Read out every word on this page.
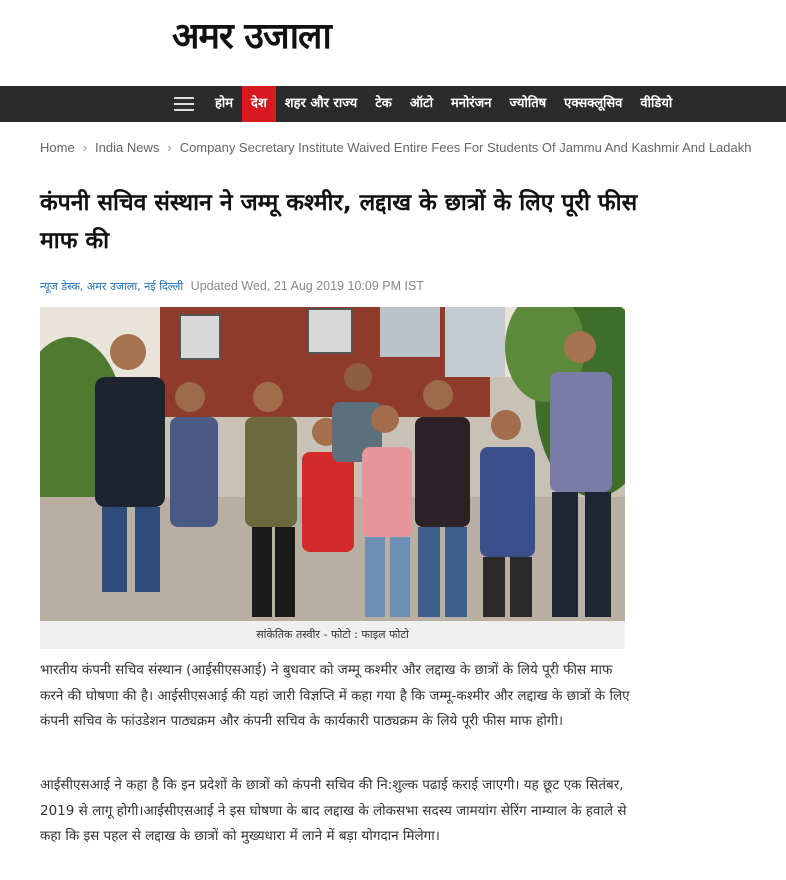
अमर उजाला
होम	देश	शहर और राज्य	टेक	ऑटो	मनोरंजन	ज्योतिष	एक्सक्लूसिव	वीडियो
Home › India News › Company Secretary Institute Waived Entire Fees For Students Of Jammu And Kashmir And Ladakh
कंपनी सचिव संस्थान ने जम्मू कश्मीर, लद्दाख के छात्रों के लिए पूरी फीस माफ की
न्यूज डेस्क, अमर उजाला, नई दिल्ली Updated Wed, 21 Aug 2019 10:09 PM IST
सांकेतिक तस्वीर - फोटो : फाइल फोटो

भारतीय कंपनी सचिव संस्थान (आईसीएसआई) ने बुधवार को जम्मू कश्मीर और लद्दाख के छात्रों के लिये पूरी फीस माफ करने की घोषणा की है। आईसीएसआई की यहां जारी विज्ञप्ति में कहा गया है कि जम्मू-कश्मीर और लद्दाख के छात्रों के लिए कंपनी सचिव के फांउडेशन पाठ्यक्रम और कंपनी सचिव के कार्यकारी पाठ्यक्रम के लिये पूरी फीस माफ होगी।

आईसीएसआई ने कहा है कि इन प्रदेशों के छात्रों को कंपनी सचिव की नि:शुल्क पढाई कराई जाएगी। यह छूट एक सितंबर, 2019 से लागू होगी।आईसीएसआई ने इस घोषणा के बाद लद्दाख के लोकसभा सदस्य जामयांग सेरिंग नाम्याल के हवाले से कहा कि इस पहल से लद्दाख के छात्रों को मुख्यधारा में लाने में बड़ा योगदान मिलेगा।
